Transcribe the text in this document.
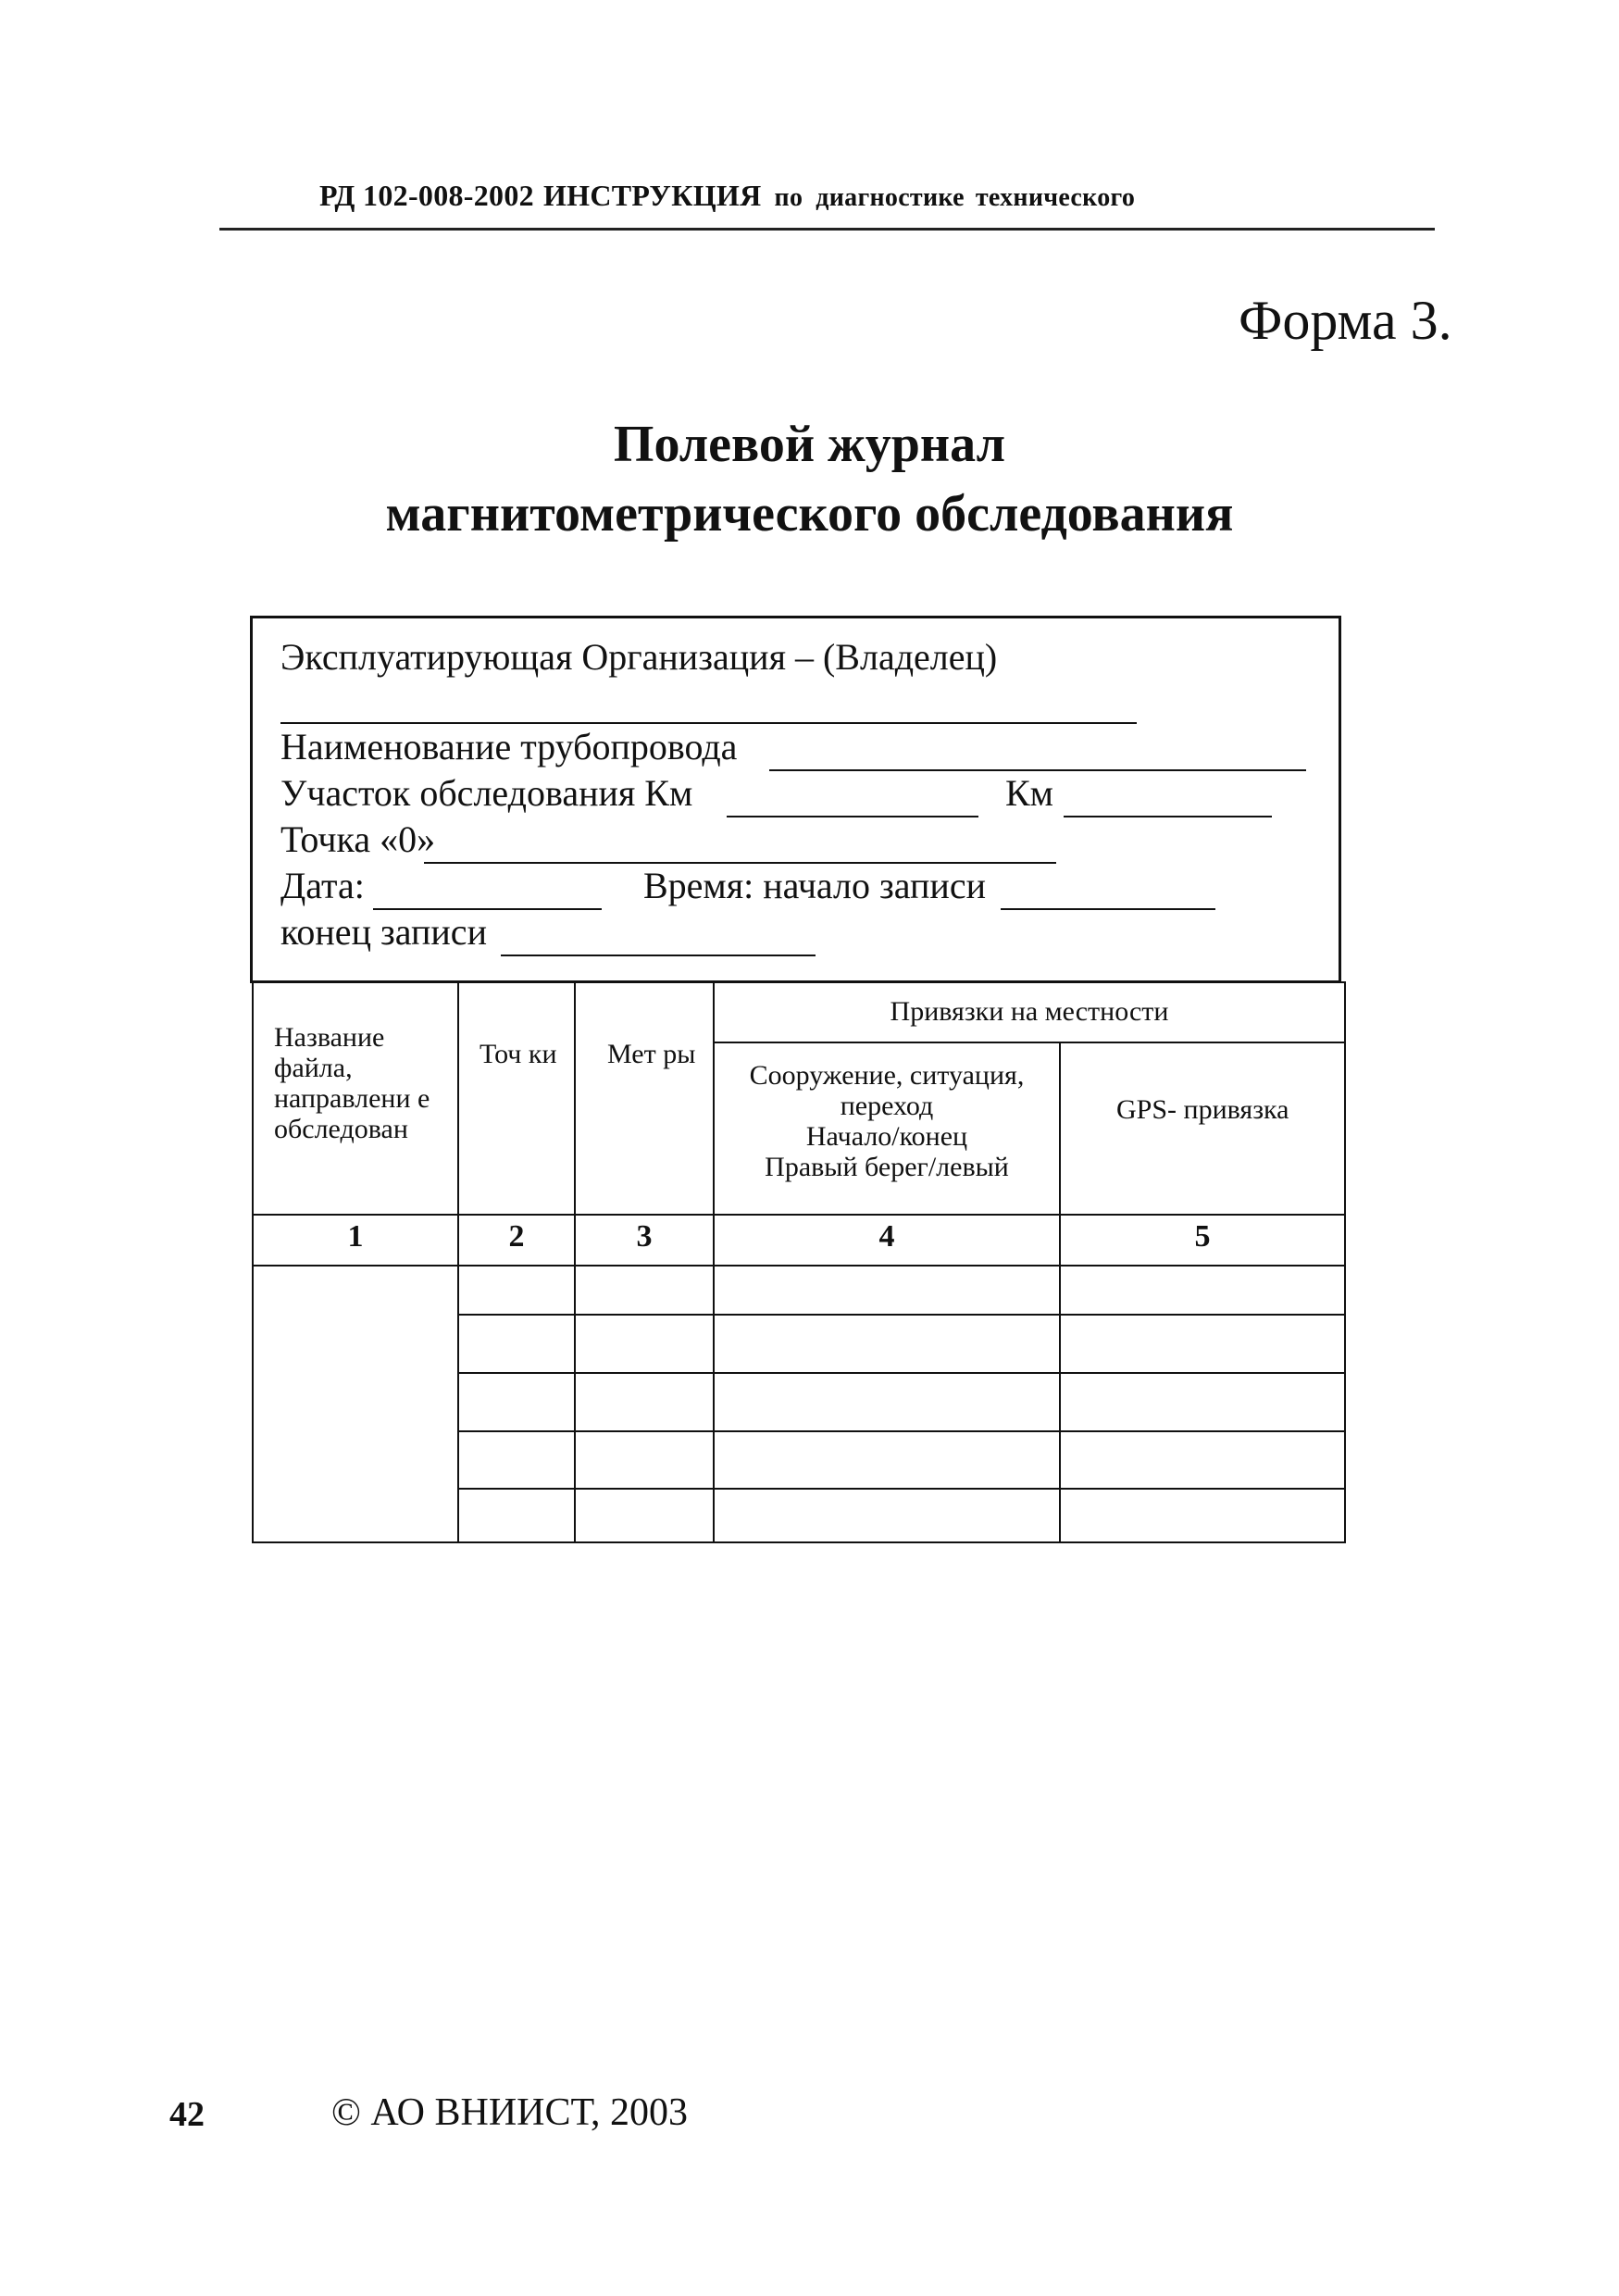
РД 102-008-2002 ИНСТРУКЦИЯ по диагностике технического
Форма 3.
Полевой журнал
магнитометрического обследования
Эксплуатирующая Организация – (Владелец)
Наименование трубопровода
Участок обследования Км	Км
Точка «0»
Дата:	Время: начало записи
конец записи
Название файла, направлени е обследован	Точ ки	Мет ры	Привязки на местности	

			Сооружение, ситуация,
переход
Начало/конец
Правый берег/левый	GPS- привязка
1	2	3	4	5

42	© АО ВНИИСТ, 2003
